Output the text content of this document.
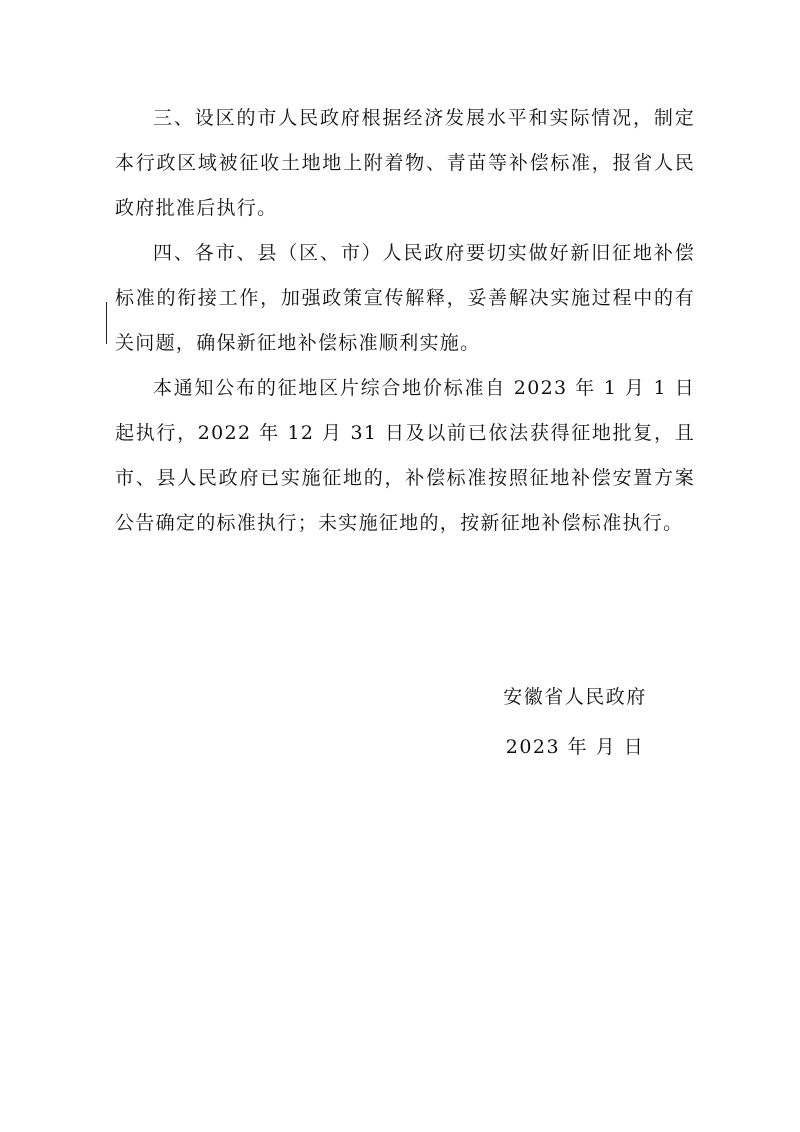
三、设区的市人民政府根据经济发展水平和实际情况，制定本行政区域被征收土地地上附着物、青苗等补偿标准，报省人民政府批准后执行。

四、各市、县（区、市）人民政府要切实做好新旧征地补偿标准的衔接工作，加强政策宣传解释，妥善解决实施过程中的有关问题，确保新征地补偿标准顺利实施。

本通知公布的征地区片综合地价标准自 2023 年 1 月 1 日起执行，2022 年 12 月 31 日及以前已依法获得征地批复，且市、县人民政府已实施征地的，补偿标准按照征地补偿安置方案公告确定的标准执行；未实施征地的，按新征地补偿标准执行。

安徽省人民政府
2023 年 月 日
